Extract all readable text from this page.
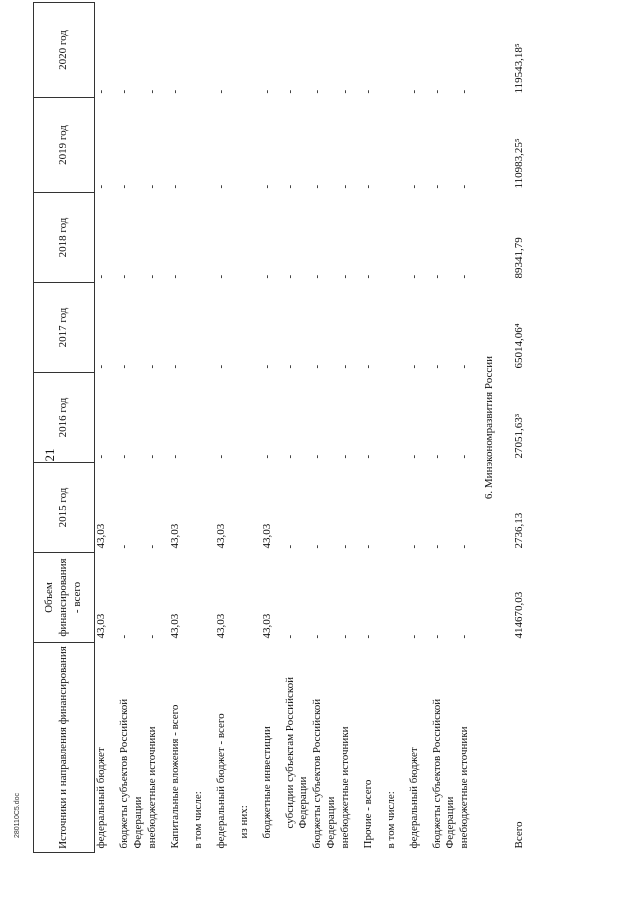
21
Источники и направления финансирования	Объем финансирования - всего	2015 год	2016 год	2017 год	2018 год	2019 год	2020 год
федеральный бюджет	43,03	43,03	-	-	-	-	-
бюджеты субъектов Российской Федерации	-	-	-	-	-	-	-
внебюджетные источники	-	-	-	-	-	-	-
Капитальные вложения - всего	43,03	43,03	-	-	-	-	-
в том числе:							
федеральный бюджет - всего	43,03	43,03	-	-	-	-	-
из них:							
бюджетные инвестиции	43,03	43,03	-	-	-	-	-
субсидии субъектам Российской Федерации	-	-	-	-	-	-	-
бюджеты субъектов Российской Федерации	-	-	-	-	-	-	-
внебюджетные источники	-	-	-	-	-	-	-
Прочие - всего	-	-	-	-	-	-	-
в том числе:							
федеральный бюджет	-	-	-	-	-	-	-
бюджеты субъектов Российской Федерации	-	-	-	-	-	-	-
внебюджетные источники	-	-	-	-	-	-	-
6. Минэкономразвития России							
Всего	414670,03	2736,13	27051,63³	65014,06⁴	89341,79	110983,25⁵	119543,18⁵
280110С5.doc
